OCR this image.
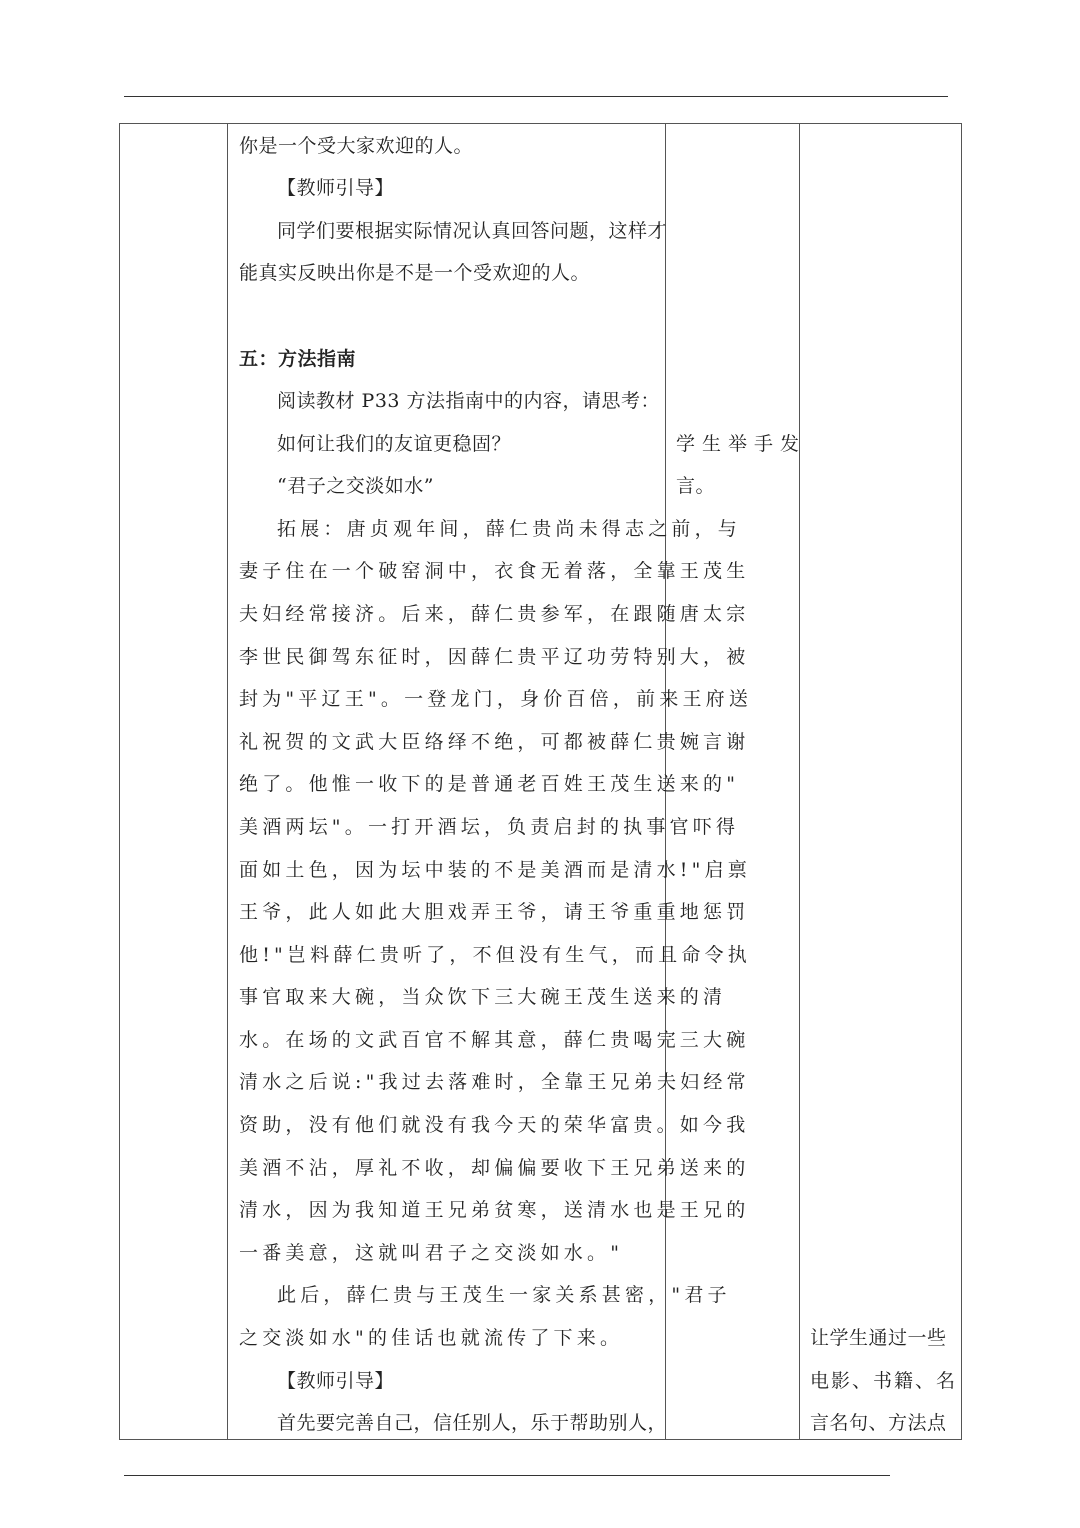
你是一个受大家欢迎的人。
【教师引导】
同学们要根据实际情况认真回答问题，这样才
能真实反映出你是不是一个受欢迎的人。
五：方法指南
阅读教材 P33 方法指南中的内容，请思考：
如何让我们的友谊更稳固？
“君子之交淡如水”
拓展：唐贞观年间，薛仁贵尚未得志之前，与
妻子住在一个破窑洞中，衣食无着落，全靠王茂生
夫妇经常接济。后来，薛仁贵参军，在跟随唐太宗
李世民御驾东征时，因薛仁贵平辽功劳特别大，被
封为"平辽王"。一登龙门，身价百倍，前来王府送
礼祝贺的文武大臣络绎不绝，可都被薛仁贵婉言谢
绝了。他惟一收下的是普通老百姓王茂生送来的"
美酒两坛"。一打开酒坛，负责启封的执事官吓得
面如土色，因为坛中装的不是美酒而是清水!"启禀
王爷，此人如此大胆戏弄王爷，请王爷重重地惩罚
他!"岂料薛仁贵听了，不但没有生气，而且命令执
事官取来大碗，当众饮下三大碗王茂生送来的清
水。在场的文武百官不解其意，薛仁贵喝完三大碗
清水之后说:"我过去落难时，全靠王兄弟夫妇经常
资助，没有他们就没有我今天的荣华富贵。如今我
美酒不沾，厚礼不收，却偏偏要收下王兄弟送来的
清水，因为我知道王兄弟贫寒，送清水也是王兄的
一番美意，这就叫君子之交淡如水。"
此后，薛仁贵与王茂生一家关系甚密，"君子
之交淡如水"的佳话也就流传了下来。
【教师引导】
首先要完善自己，信任别人，乐于帮助别人，
学生举手发
言。
让学生通过一些
电影、书籍、名
言名句、方法点
